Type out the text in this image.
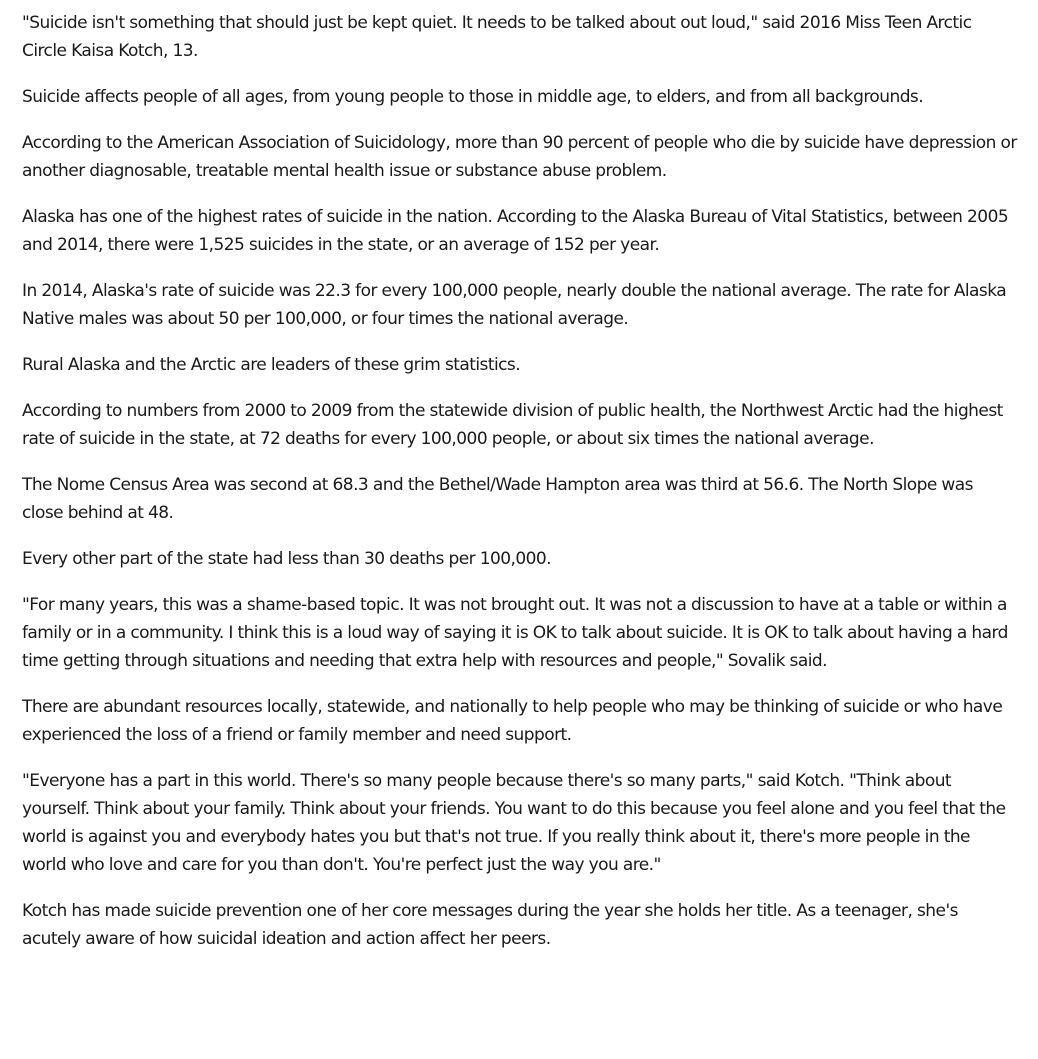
"Suicide isn't something that should just be kept quiet. It needs to be talked about out loud," said 2016 Miss Teen Arctic Circle Kaisa Kotch, 13.

Suicide affects people of all ages, from young people to those in middle age, to elders, and from all backgrounds.

According to the American Association of Suicidology, more than 90 percent of people who die by suicide have depression or another diagnosable, treatable mental health issue or substance abuse problem.

Alaska has one of the highest rates of suicide in the nation. According to the Alaska Bureau of Vital Statistics, between 2005 and 2014, there were 1,525 suicides in the state, or an average of 152 per year.

In 2014, Alaska's rate of suicide was 22.3 for every 100,000 people, nearly double the national average. The rate for Alaska Native males was about 50 per 100,000, or four times the national average.

Rural Alaska and the Arctic are leaders of these grim statistics.

According to numbers from 2000 to 2009 from the statewide division of public health, the Northwest Arctic had the highest rate of suicide in the state, at 72 deaths for every 100,000 people, or about six times the national average.

The Nome Census Area was second at 68.3 and the Bethel/Wade Hampton area was third at 56.6. The North Slope was close behind at 48.

Every other part of the state had less than 30 deaths per 100,000.

"For many years, this was a shame-based topic. It was not brought out. It was not a discussion to have at a table or within a family or in a community. I think this is a loud way of saying it is OK to talk about suicide. It is OK to talk about having a hard time getting through situations and needing that extra help with resources and people," Sovalik said.

There are abundant resources locally, statewide, and nationally to help people who may be thinking of suicide or who have experienced the loss of a friend or family member and need support.

"Everyone has a part in this world. There's so many people because there's so many parts," said Kotch. "Think about yourself. Think about your family. Think about your friends. You want to do this because you feel alone and you feel that the world is against you and everybody hates you but that's not true. If you really think about it, there's more people in the world who love and care for you than don't. You're perfect just the way you are."

Kotch has made suicide prevention one of her core messages during the year she holds her title. As a teenager, she's acutely aware of how suicidal ideation and action affect her peers.
